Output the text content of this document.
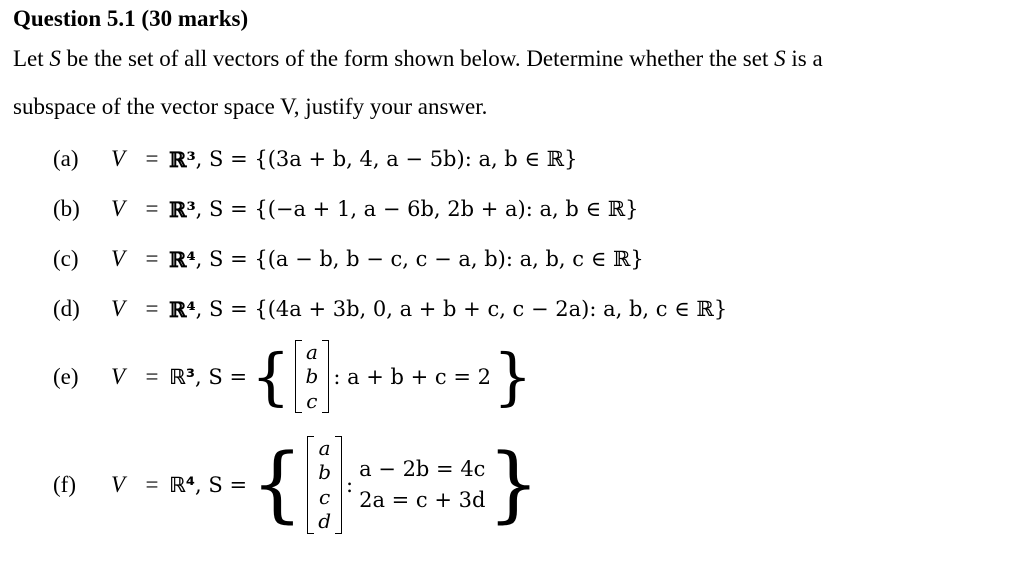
Question 5.1 (30 marks)
Let S be the set of all vectors of the form shown below. Determine whether the set S is a
subspace of the vector space V, justify your answer.
(a)	V = ℝ³ , S = {(3a + b, 4, a − 5b): a, b ∈ ℝ}
(b)	V = ℝ³ , S = {(−a + 1, a − 6b, 2b + a): a, b ∈ ℝ}
(c)	V = ℝ⁴ , S = {(a − b, b − c, c − a, b): a, b, c ∈ ℝ}
(d)	V = ℝ⁴ , S = {(4a + 3b, 0, a + b + c, c − 2a): a, b, c ∈ ℝ}
(e)	V = ℝ³ , S = { a
b
c
: a + b + c = 2 }
(f)	V = ℝ⁴ , S = { a
b
c
d
:
a − 2b = 4c
2a = c + 3d }
